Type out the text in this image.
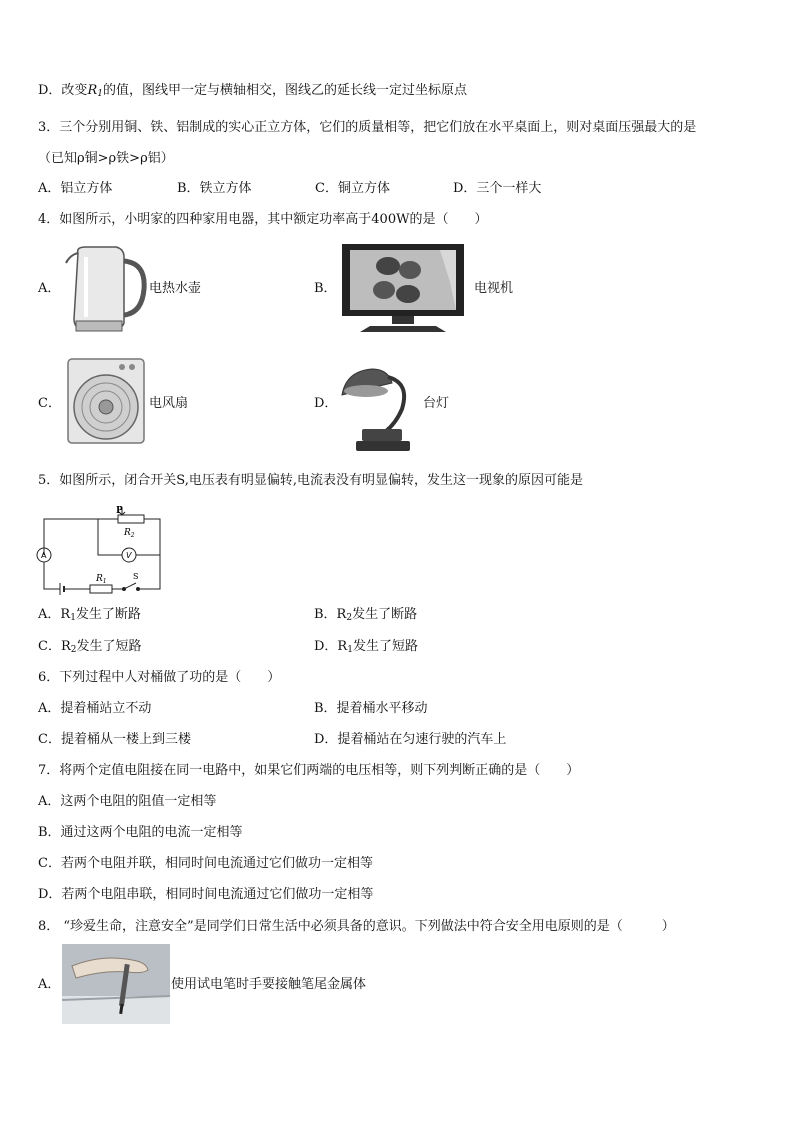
D．改变$R_1$的值，图线甲一定与横轴相交，图线乙的延长线一定过坐标原点
3．三个分别用铜、铁、铝制成的实心正立方体，它们的质量相等，把它们放在水平桌面上，则对桌面压强最大的是
（已知ρ铜>ρ铁>ρ铝）
A．铝立方体	B．铁立方体	C．铜立方体	D．三个一样大
4．如图所示，小明家的四种家用电器，其中额定功率高于400W的是（　　）
A．	电热水壶	B．	电视机
C．	电风扇	D．	台灯
5．如图所示，闭合开关S,电压表有明显偏转,电流表没有明显偏转，发生这一现象的原因可能是
P
$R_2$
V
A
$R_1$
S
A．$R_1$发生了断路	B．$R_2$发生了断路
C．$R_2$发生了短路	D．$R_1$发生了短路
6．下列过程中人对桶做了功的是（　　）
A．提着桶站立不动	B．提着桶水平移动
C．提着桶从一楼上到三楼	D．提着桶站在匀速行驶的汽车上
7．将两个定值电阻接在同一电路中，如果它们两端的电压相等，则下列判断正确的是（　　）
A．这两个电阻的阻值一定相等
B．通过这两个电阻的电流一定相等
C．若两个电阻并联，相同时间电流通过它们做功一定相等
D．若两个电阻串联，相同时间电流通过它们做功一定相等
8． “珍爱生命，注意安全”是同学们日常生活中必须具备的意识。下列做法中符合安全用电原则的是（　　　）
A．	使用试电笔时手要接触笔尾金属体
